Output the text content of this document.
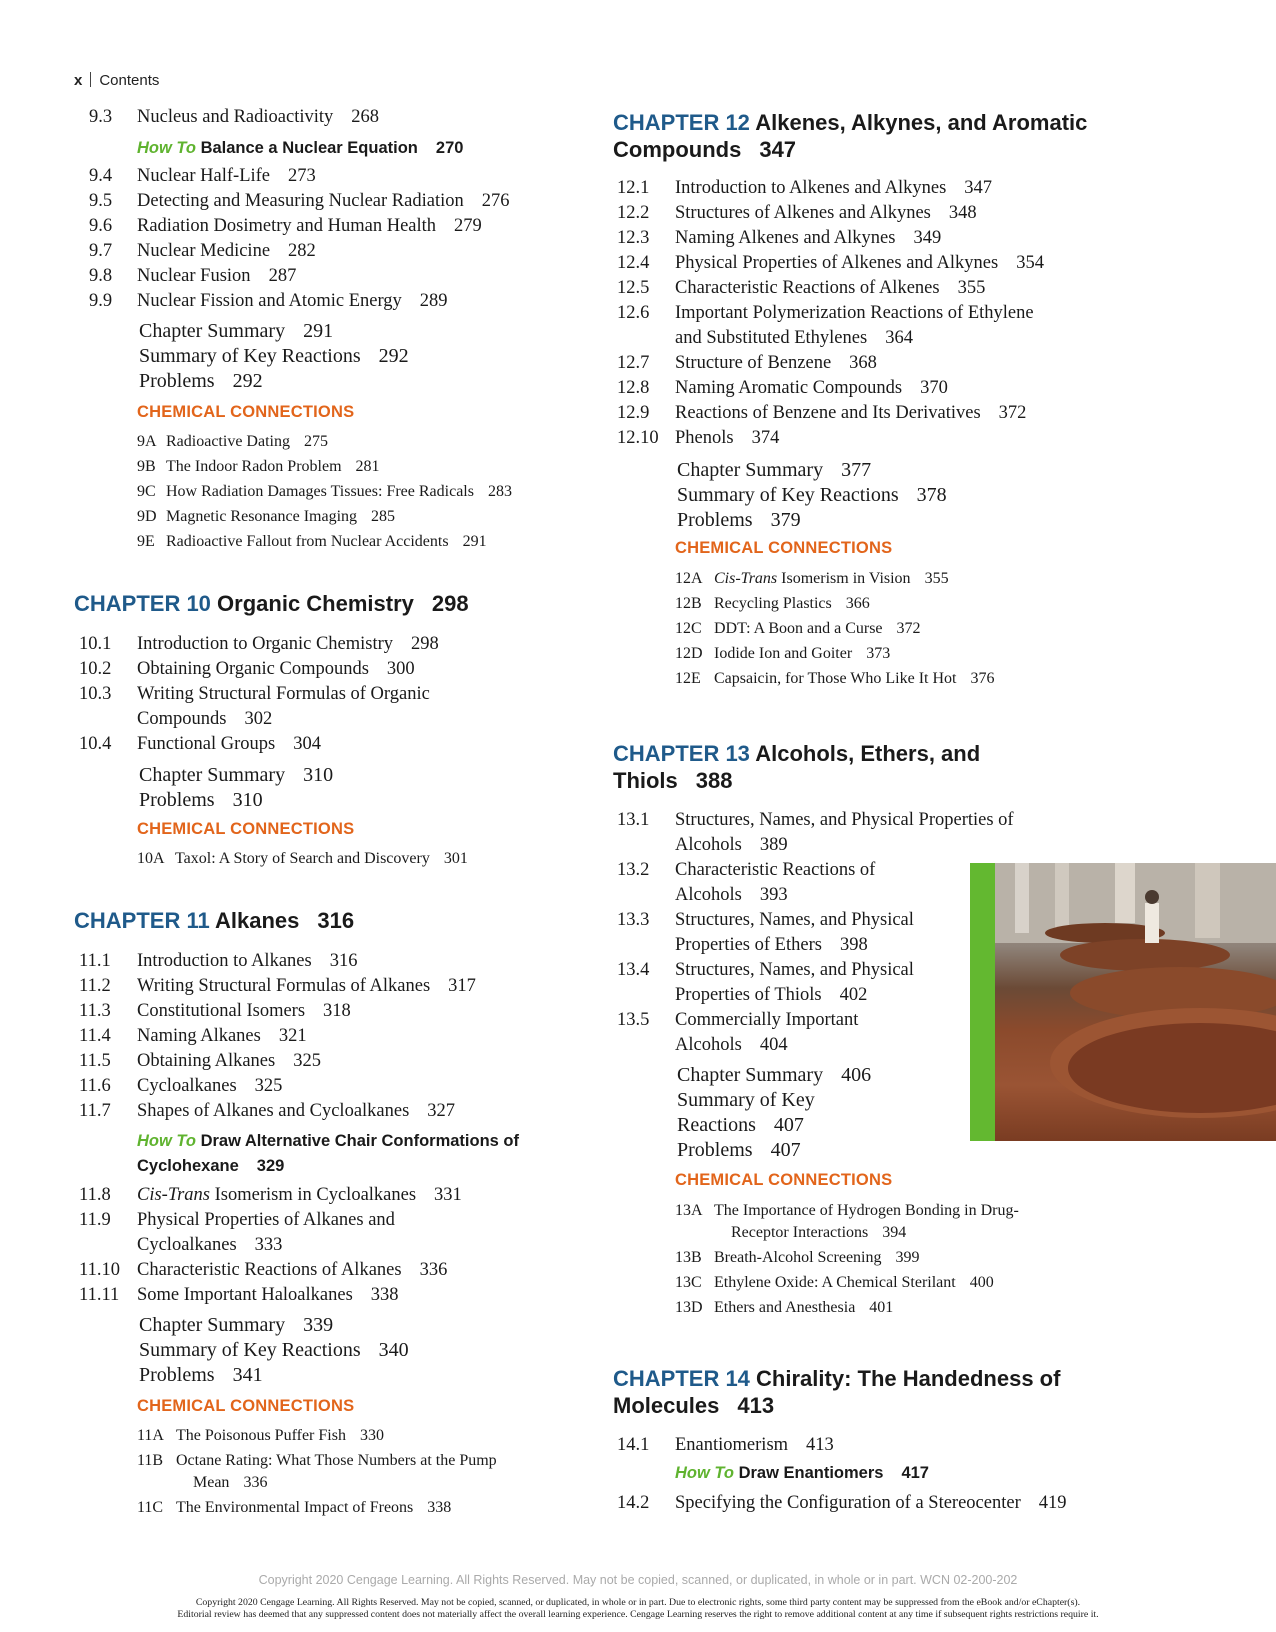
x Contents
9.3 Nucleus and Radioactivity 268
How To Balance a Nuclear Equation 270
9.4 Nuclear Half-Life 273
9.5 Detecting and Measuring Nuclear Radiation 276
9.6 Radiation Dosimetry and Human Health 279
9.7 Nuclear Medicine 282
9.8 Nuclear Fusion 287
9.9 Nuclear Fission and Atomic Energy 289
Chapter Summary 291
Summary of Key Reactions 292
Problems 292
CHEMICAL CONNECTIONS
9A Radioactive Dating 275
9B The Indoor Radon Problem 281
9C How Radiation Damages Tissues: Free Radicals 283
9D Magnetic Resonance Imaging 285
9E Radioactive Fallout from Nuclear Accidents 291
CHAPTER 10 Organic Chemistry 298
10.1 Introduction to Organic Chemistry 298
10.2 Obtaining Organic Compounds 300
10.3 Writing Structural Formulas of Organic
Compounds 302
10.4 Functional Groups 304
Chapter Summary 310
Problems 310
CHEMICAL CONNECTIONS
10A Taxol: A Story of Search and Discovery 301
CHAPTER 11 Alkanes 316
11.1 Introduction to Alkanes 316
11.2 Writing Structural Formulas of Alkanes 317
11.3 Constitutional Isomers 318
11.4 Naming Alkanes 321
11.5 Obtaining Alkanes 325
11.6 Cycloalkanes 325
11.7 Shapes of Alkanes and Cycloalkanes 327
How To Draw Alternative Chair Conformations of
Cyclohexane 329
11.8 Cis-Trans Isomerism in Cycloalkanes 331
11.9 Physical Properties of Alkanes and
Cycloalkanes 333
11.10 Characteristic Reactions of Alkanes 336
11.11 Some Important Haloalkanes 338
Chapter Summary 339
Summary of Key Reactions 340
Problems 341
CHEMICAL CONNECTIONS
11A The Poisonous Puffer Fish 330
11B Octane Rating: What Those Numbers at the Pump
Mean 336
11C The Environmental Impact of Freons 338
CHAPTER 12 Alkenes, Alkynes, and Aromatic
Compounds 347
12.1 Introduction to Alkenes and Alkynes 347
12.2 Structures of Alkenes and Alkynes 348
12.3 Naming Alkenes and Alkynes 349
12.4 Physical Properties of Alkenes and Alkynes 354
12.5 Characteristic Reactions of Alkenes 355
12.6 Important Polymerization Reactions of Ethylene
and Substituted Ethylenes 364
12.7 Structure of Benzene 368
12.8 Naming Aromatic Compounds 370
12.9 Reactions of Benzene and Its Derivatives 372
12.10 Phenols 374
Chapter Summary 377
Summary of Key Reactions 378
Problems 379
CHEMICAL CONNECTIONS
12A Cis-Trans Isomerism in Vision 355
12B Recycling Plastics 366
12C DDT: A Boon and a Curse 372
12D Iodide Ion and Goiter 373
12E Capsaicin, for Those Who Like It Hot 376
CHAPTER 13 Alcohols, Ethers, and
Thiols 388
13.1 Structures, Names, and Physical Properties of
Alcohols 389
13.2 Characteristic Reactions of
Alcohols 393
13.3 Structures, Names, and Physical
Properties of Ethers 398
13.4 Structures, Names, and Physical
Properties of Thiols 402
13.5 Commercially Important
Alcohols 404
Chapter Summary 406
Summary of Key
Reactions 407
Problems 407
CHEMICAL CONNECTIONS
13A The Importance of Hydrogen Bonding in Drug-
Receptor Interactions 394
13B Breath-Alcohol Screening 399
13C Ethylene Oxide: A Chemical Sterilant 400
13D Ethers and Anesthesia 401
CHAPTER 14 Chirality: The Handedness of
Molecules 413
14.1 Enantiomerism 413
How To Draw Enantiomers 417
14.2 Specifying the Configuration of a Stereocenter 419
Copyright 2020 Cengage Learning. All Rights Reserved. May not be copied, scanned, or duplicated, in whole or in part. WCN 02-200-202
Copyright 2020 Cengage Learning. All Rights Reserved. May not be copied, scanned, or duplicated, in whole or in part. Due to electronic rights, some third party content may be suppressed from the eBook and/or eChapter(s).
Editorial review has deemed that any suppressed content does not materially affect the overall learning experience. Cengage Learning reserves the right to remove additional content at any time if subsequent rights restrictions require it.
